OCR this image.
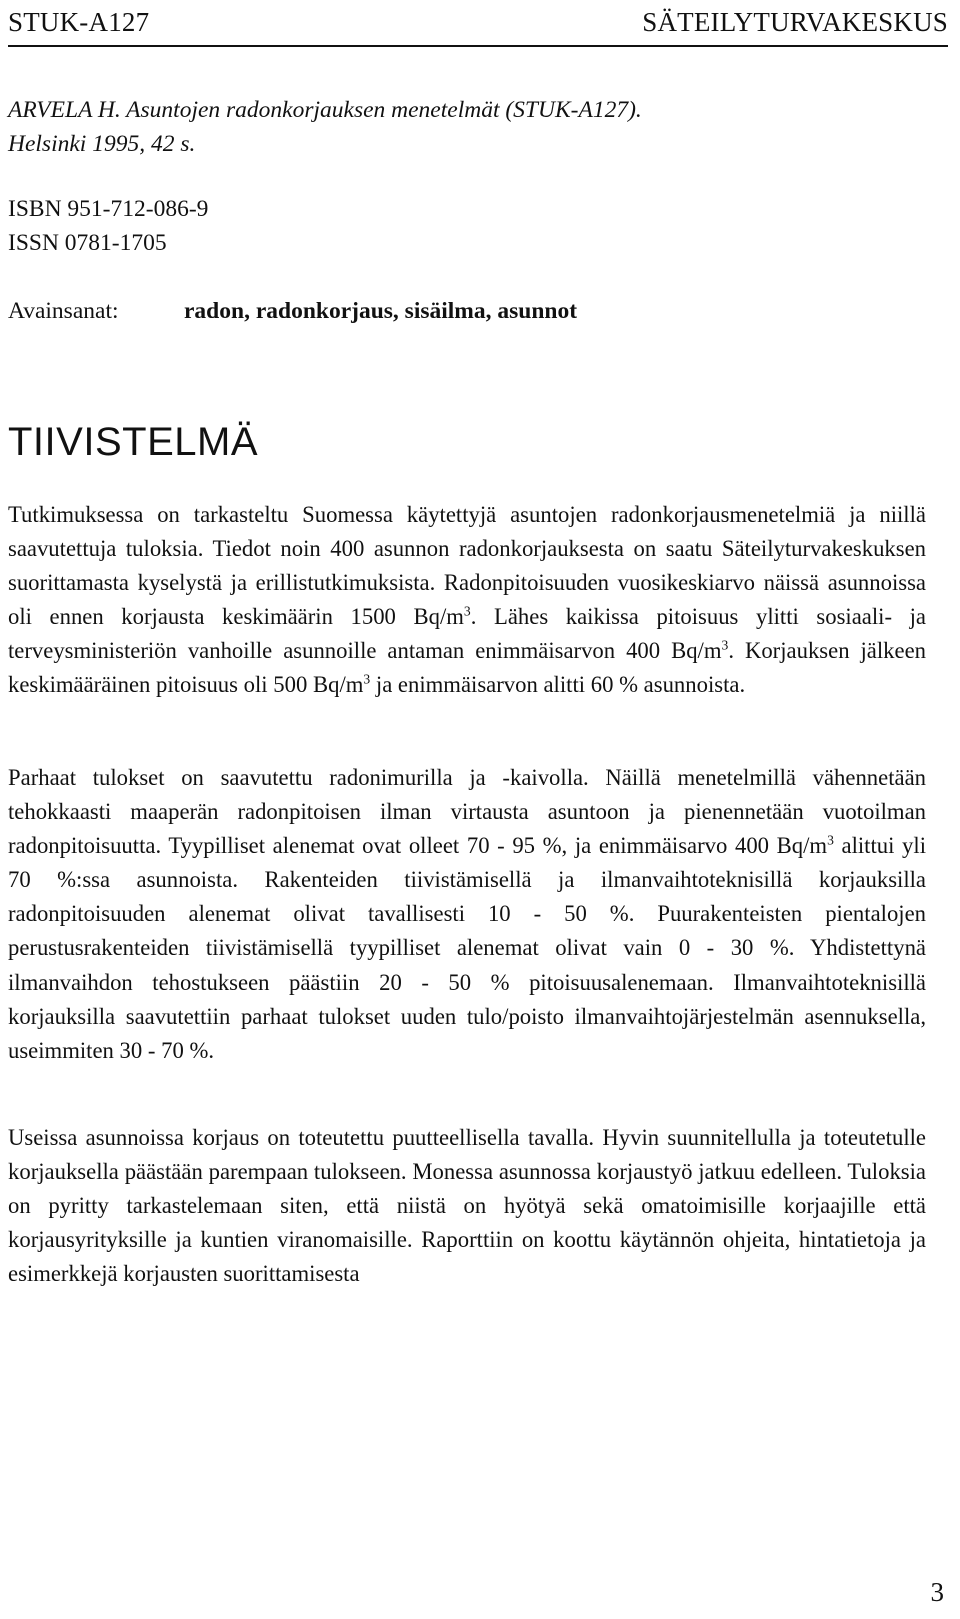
STUK-A127	SÄTEILYTURVAKESKUS
ARVELA H. Asuntojen radonkorjauksen menetelmät (STUK-A127).
Helsinki 1995, 42 s.
ISBN 951-712-086-9
ISSN 0781-1705
Avainsanat:	radon, radonkorjaus, sisäilma, asunnot
TIIVISTELMÄ

Tutkimuksessa on tarkasteltu Suomessa käytettyjä asuntojen radonkorjausmenetelmiä ja niillä saavutettuja tuloksia. Tiedot noin 400 asunnon radonkorjauksesta on saatu Säteilyturvakeskuksen suorittamasta kyselystä ja erillistutkimuksista. Radonpitoisuuden vuosikeskiarvo näissä asunnoissa oli ennen korjausta keskimäärin 1500 $Bq/m^3$. Lähes kaikissa pitoisuus ylitti sosiaali- ja terveysministeriön vanhoille asunnoille antaman enimmäisarvon 400 $Bq/m^3$. Korjauksen jälkeen keskimääräinen pitoisuus oli 500 $Bq/m^3$ ja enimmäisarvon alitti 60 % asunnoista.

Parhaat tulokset on saavutettu radonimurilla ja -kaivolla. Näillä menetelmillä vähennetään tehokkaasti maaperän radonpitoisen ilman virtausta asuntoon ja pienennetään vuotoilman radonpitoisuutta. Tyypilliset alenemat ovat olleet 70 - 95 %, ja enimmäisarvo 400 $Bq/m^3$ alittui yli 70 %:ssa asunnoista. Rakenteiden tiivistämisellä ja ilmanvaihtoteknisillä korjauksilla radonpitoisuuden alenemat olivat tavallisesti 10 - 50 %. Puurakenteisten pientalojen perustusrakenteiden tiivistämisellä tyypilliset alenemat olivat vain 0 - 30 %. Yhdistettynä ilmanvaihdon tehostukseen päästiin 20 - 50 % pitoisuusalenemaan. Ilmanvaihtoteknisillä korjauksilla saavutettiin parhaat tulokset uuden tulo/poisto ilmanvaihtojärjestelmän asennuksella, useimmiten 30 - 70 %.

Useissa asunnoissa korjaus on toteutettu puutteellisella tavalla. Hyvin suunnitellulla ja toteutetulle korjauksella päästään parempaan tulokseen. Monessa asunnossa korjaustyö jatkuu edelleen. Tuloksia on pyritty tarkastelemaan siten, että niistä on hyötyä sekä omatoimisille korjaajille että korjausyrityksille ja kuntien viranomaisille. Raporttiin on koottu käytännön ohjeita, hintatietoja ja esimerkkejä korjausten suorittamisesta

3
